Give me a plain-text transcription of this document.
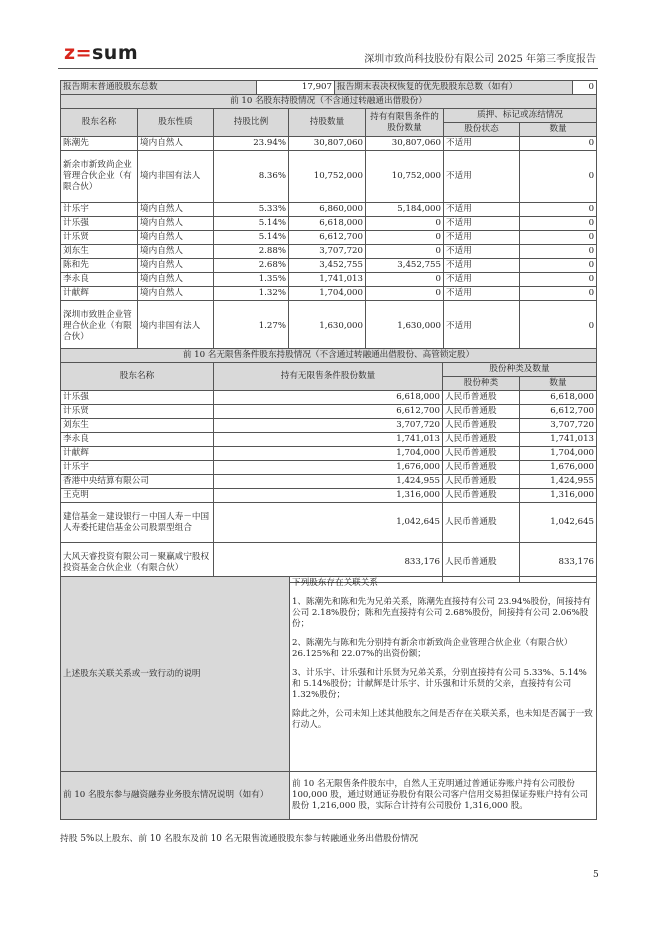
z=sum	深圳市致尚科技股份有限公司 2025 年第三季度报告
报告期末普通股股东总数	17,907	报告期末表决权恢复的优先股股东总数（如有）	0
前 10 名股东持股情况（不含通过转融通出借股份）						
股东名称	股东性质	持股比例	持股数量	持有有限售条件的股份数量	质押、标记或冻结情况	
					股份状态	数量
陈潮先	境内自然人	23.94%	30,807,060	30,807,060	不适用	0
新余市新致尚企业管理合伙企业（有限合伙）	境内非国有法人	8.36%	10,752,000	10,752,000	不适用	0
计乐宇	境内自然人	5.33%	6,860,000	5,184,000	不适用	0
计乐强	境内自然人	5.14%	6,618,000	0	不适用	0
计乐贤	境内自然人	5.14%	6,612,700	0	不适用	0
刘东生	境内自然人	2.88%	3,707,720	0	不适用	0
陈和先	境内自然人	2.68%	3,452,755	3,452,755	不适用	0
李永良	境内自然人	1.35%	1,741,013	0	不适用	0
计献辉	境内自然人	1.32%	1,704,000	0	不适用	0
深圳市致胜企业管理合伙企业（有限合伙）	境内非国有法人	1.27%	1,630,000	1,630,000	不适用	0
前 10 名无限售条件股东持股情况（不含通过转融通出借股份、高管锁定股）			
股东名称	持有无限售条件股份数量	股份种类及数量	
		股份种类	数量
计乐强	6,618,000	人民币普通股	6,618,000
计乐贤	6,612,700	人民币普通股	6,612,700
刘东生	3,707,720	人民币普通股	3,707,720
李永良	1,741,013	人民币普通股	1,741,013
计献辉	1,704,000	人民币普通股	1,704,000
计乐宇	1,676,000	人民币普通股	1,676,000
香港中央结算有限公司	1,424,955	人民币普通股	1,424,955
王克明	1,316,000	人民币普通股	1,316,000
建信基金－建设银行－中国人寿－中国人寿委托建信基金公司股票型组合	1,042,645	人民币普通股	1,042,645
大风天睿投资有限公司－聚赢咸宁股权投资基金合伙企业（有限合伙）	833,176	人民币普通股	833,176
上述股东关联关系或一致行动的说明	下列股东存在关联关系
1、陈潮先和陈和先为兄弟关系，陈潮先直接持有公司 23.94%股份，间接持有公司 2.18%股份；陈和先直接持有公司 2.68%股份，间接持有公司 2.06%股份；
2、陈潮先与陈和先分别持有新余市新致尚企业管理合伙企业（有限合伙）26.125%和 22.07%的出资份额；
3、计乐宇、计乐强和计乐贤为兄弟关系，分别直接持有公司 5.33%、5.14%和 5.14%股份；计献辉是计乐宇、计乐强和计乐贤的父亲，直接持有公司 1.32%股份；
除此之外，公司未知上述其他股东之间是否存在关联关系，也未知是否属于一致行动人。

前 10 名股东参与融资融券业务股东情况说明（如有）	前 10 名无限售条件股东中，自然人王克明通过普通证券账户持有公司股份 100,000 股，通过财通证券股份有限公司客户信用交易担保证券账户持有公司股份 1,216,000 股，实际合计持有公司股份 1,316,000 股。
持股 5%以上股东、前 10 名股东及前 10 名无限售流通股股东参与转融通业务出借股份情况
5
